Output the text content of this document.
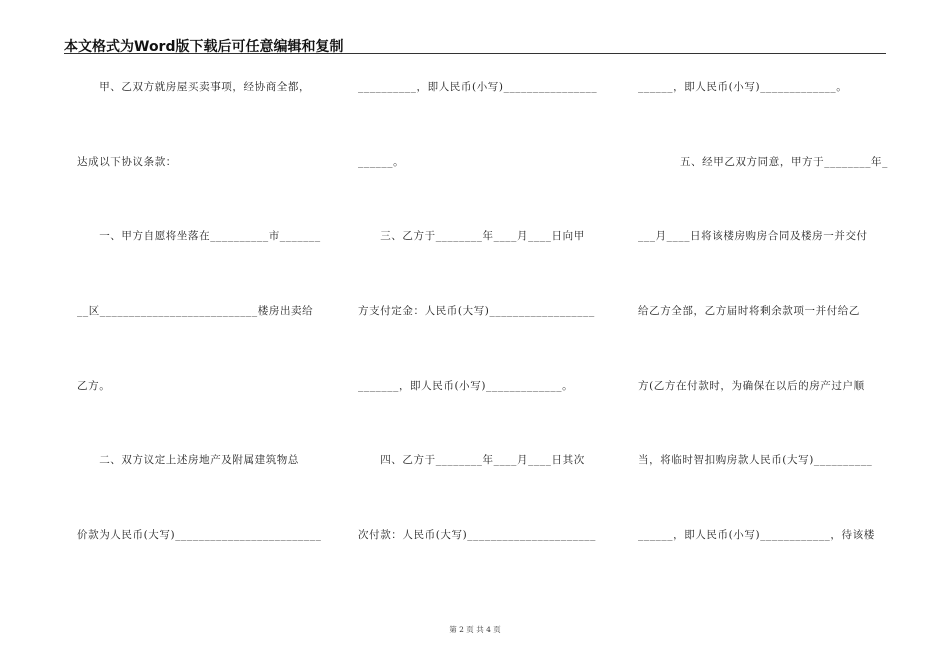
本文格式为Word版下载后可任意编辑和复制
　　甲、乙双方就房屋买卖事项，经协商全都，
达成以下协议条款：
　　一、甲方自愿将坐落在__________市_______
__区___________________________楼房出卖给
乙方。
　　二、双方议定上述房地产及附属建筑物总
价款为人民币(大写)_________________________
__________，即人民币(小写)________________
______。
　　三、乙方于________年____月____日向甲
方支付定金：人民币(大写)__________________
_______，即人民币(小写)_____________。
　　四、乙方于________年____月____日其次
次付款：人民币(大写)______________________
______，即人民币(小写)_____________。
　　五、经甲乙双方同意，甲方于________年_
___月____日将该楼房购房合同及楼房一并交付
给乙方全部，乙方届时将剩余款项一并付给乙
方(乙方在付款时，为确保在以后的房产过户顺
当，将临时智扣购房款人民币(大写)__________
______，即人民币(小写)____________，待该楼
第 2 页 共 4 页
